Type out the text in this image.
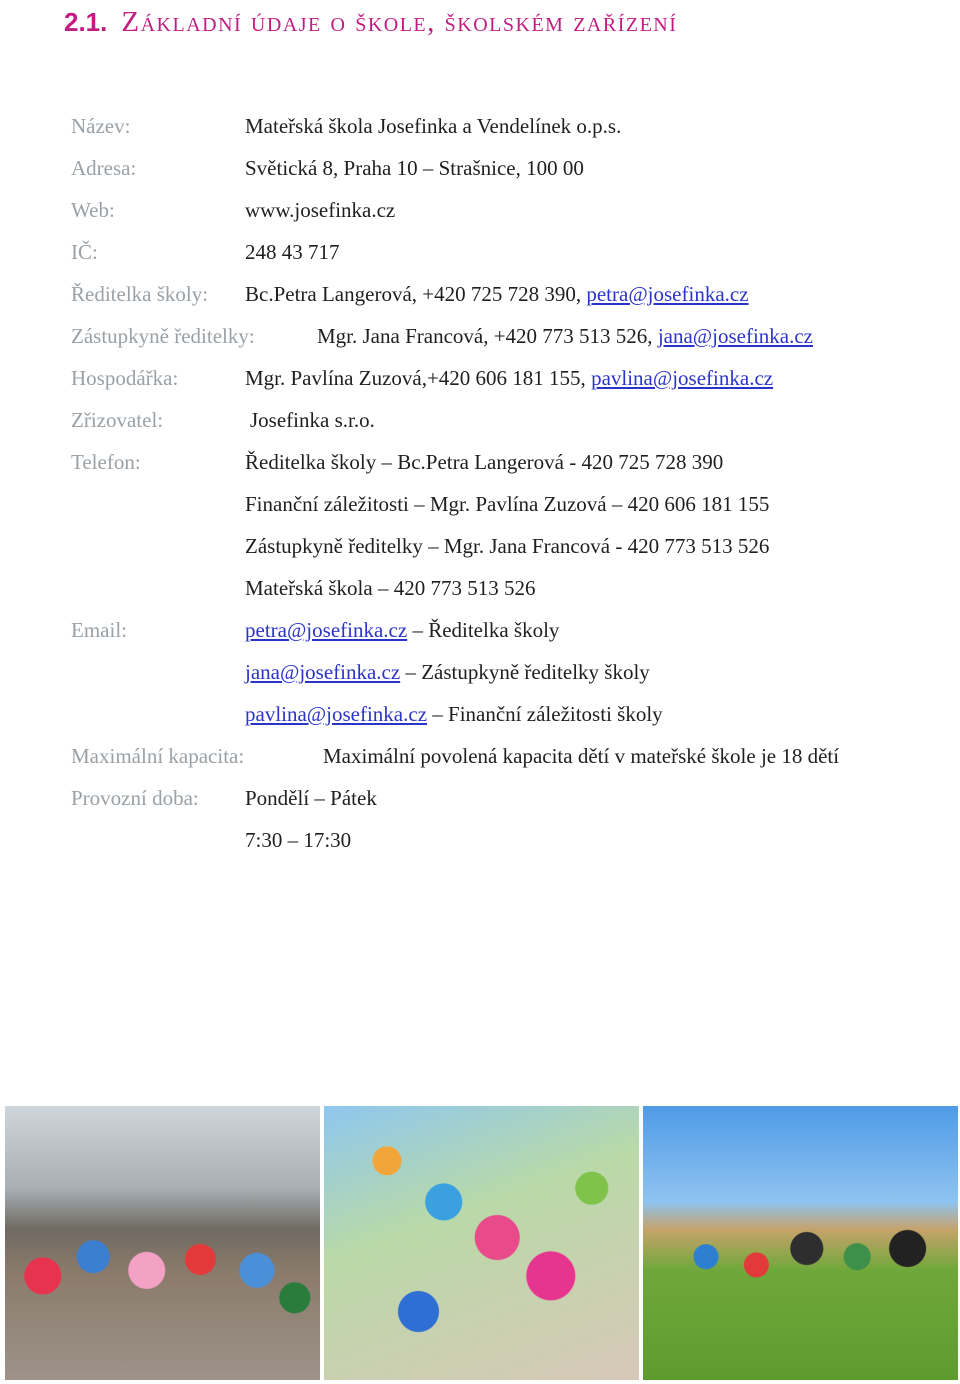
2.1. Základní údaje o škole, školském zařízení
Název:	Mateřská škola Josefinka a Vendelínek o.p.s.
Adresa:	Světická 8, Praha 10 – Strašnice, 100 00
Web:	www.josefinka.cz
IČ:	248 43 717
Ředitelka školy: Bc.Petra Langerová, +420 725 728 390, petra@josefinka.cz
Zástupkyně ředitelky:	Mgr. Jana Francová, +420 773 513 526, jana@josefinka.cz
Hospodářka:	Mgr. Pavlína Zuzová,+420 606 181 155, pavlina@josefinka.cz
Zřizovatel:	Josefinka s.r.o.
Telefon:	Ředitelka školy – Bc.Petra Langerová - 420 725 728 390
Finanční záležitosti – Mgr. Pavlína Zuzová – 420 606 181 155
Zástupkyně ředitelky – Mgr. Jana Francová - 420 773 513 526
Mateřská škola – 420 773 513 526
Email:	petra@josefinka.cz – Ředitelka školy
jana@josefinka.cz – Zástupkyně ředitelky školy
pavlina@josefinka.cz – Finanční záležitosti školy
Maximální kapacita:	Maximální povolená kapacita dětí v mateřské škole je 18 dětí
Provozní doba: Pondělí – Pátek
7:30 – 17:30
